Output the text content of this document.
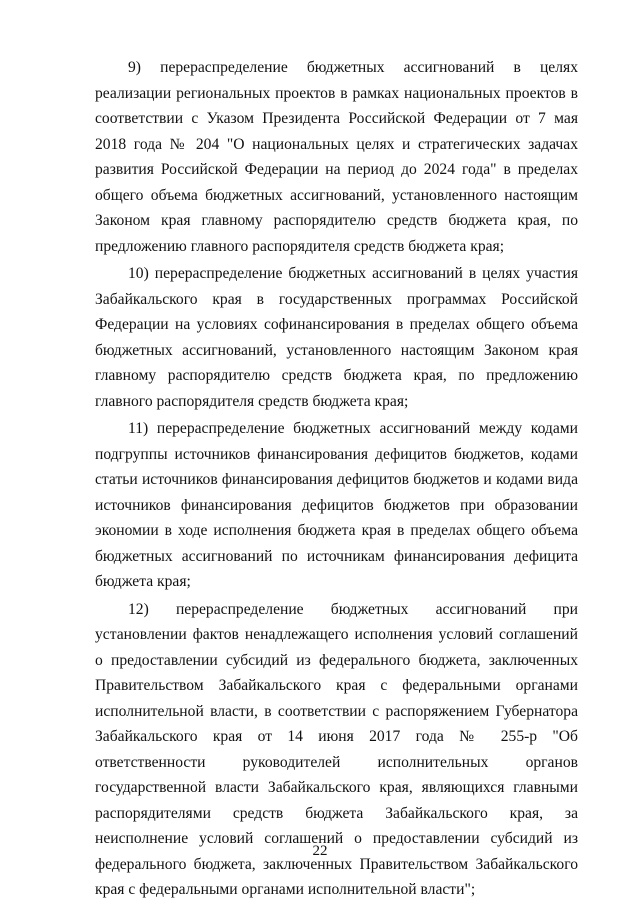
9) перераспределение бюджетных ассигнований в целях реализации региональных проектов в рамках национальных проектов в соответствии с Указом Президента Российской Федерации от 7 мая 2018 года № 204 "О национальных целях и стратегических задачах развития Российской Федерации на период до 2024 года" в пределах общего объема бюджетных ассигнований, установленного настоящим Законом края главному распорядителю средств бюджета края, по предложению главного распорядителя средств бюджета края;

10) перераспределение бюджетных ассигнований в целях участия Забайкальского края в государственных программах Российской Федерации на условиях софинансирования в пределах общего объема бюджетных ассигнований, установленного настоящим Законом края главному распорядителю средств бюджета края, по предложению главного распорядителя средств бюджета края;

11) перераспределение бюджетных ассигнований между кодами подгруппы источников финансирования дефицитов бюджетов, кодами статьи источников финансирования дефицитов бюджетов и кодами вида источников финансирования дефицитов бюджетов при образовании экономии в ходе исполнения бюджета края в пределах общего объема бюджетных ассигнований по источникам финансирования дефицита бюджета края;

12) перераспределение бюджетных ассигнований при установлении фактов ненадлежащего исполнения условий соглашений о предоставлении субсидий из федерального бюджета, заключенных Правительством Забайкальского края с федеральными органами исполнительной власти, в соответствии с распоряжением Губернатора Забайкальского края от 14 июня 2017 года № 255-р "Об ответственности руководителей исполнительных органов государственной власти Забайкальского края, являющихся главными распорядителями средств бюджета Забайкальского края, за неисполнение условий соглашений о предоставлении субсидий из федерального бюджета, заключенных Правительством Забайкальского края с федеральными органами исполнительной власти";

22
